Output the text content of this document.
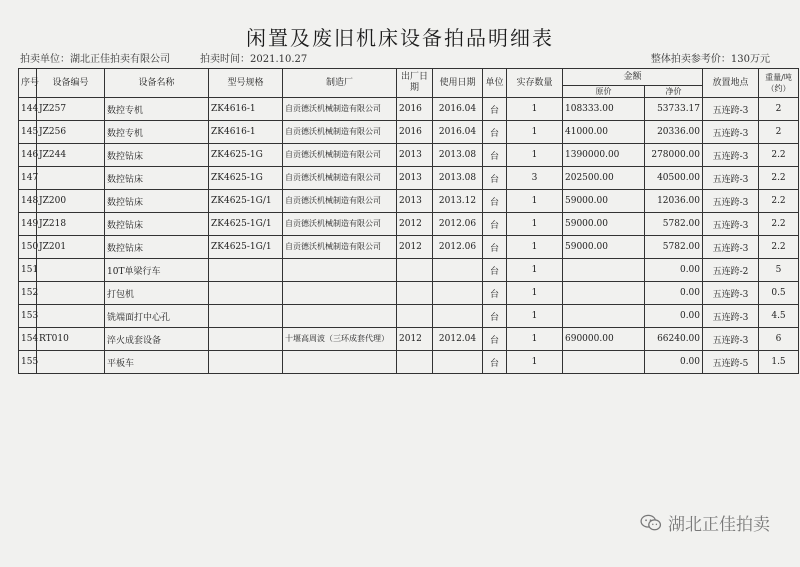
闲置及废旧机床设备拍品明细表
拍卖单位：湖北正佳拍卖有限公司	拍卖时间：2021.10.27	整体拍卖参考价：130万元
序号	设备编号	设备名称	型号规格	制造厂	出厂日期	使用日期	单位	实存数量	金额		放置地点	重量/吨（约）
									原价	净价		
144	JZ257	数控专机	ZK4616-1	自贡德沃机械制造有限公司	2016	2016.04	台	1	108333.00	53733.17	五连跨-3	2
145	JZ256	数控专机	ZK4616-1	自贡德沃机械制造有限公司	2016	2016.04	台	1	41000.00	20336.00	五连跨-3	2
146	JZ244	数控钻床	ZK4625-1G	自贡德沃机械制造有限公司	2013	2013.08	台	1	1390000.00	278000.00	五连跨-3	2.2
147		数控钻床	ZK4625-1G	自贡德沃机械制造有限公司	2013	2013.08	台	3	202500.00	40500.00	五连跨-3	2.2
148	JZ200	数控钻床	ZK4625-1G/1	自贡德沃机械制造有限公司	2013	2013.12	台	1	59000.00	12036.00	五连跨-3	2.2
149	JZ218	数控钻床	ZK4625-1G/1	自贡德沃机械制造有限公司	2012	2012.06	台	1	59000.00	5782.00	五连跨-3	2.2
150	JZ201	数控钻床	ZK4625-1G/1	自贡德沃机械制造有限公司	2012	2012.06	台	1	59000.00	5782.00	五连跨-3	2.2
151		10T单梁行车					台	1		0.00	五连跨-2	5
152		打包机					台	1		0.00	五连跨-3	0.5
153		铣端面打中心孔					台	1		0.00	五连跨-3	4.5
154	RT010	淬火成套设备		十堰高周波（三环成套代理）	2012	2012.04	台	1	690000.00	66240.00	五连跨-3	6
155		平板车					台	1		0.00	五连跨-5	1.5
湖北正佳拍卖
